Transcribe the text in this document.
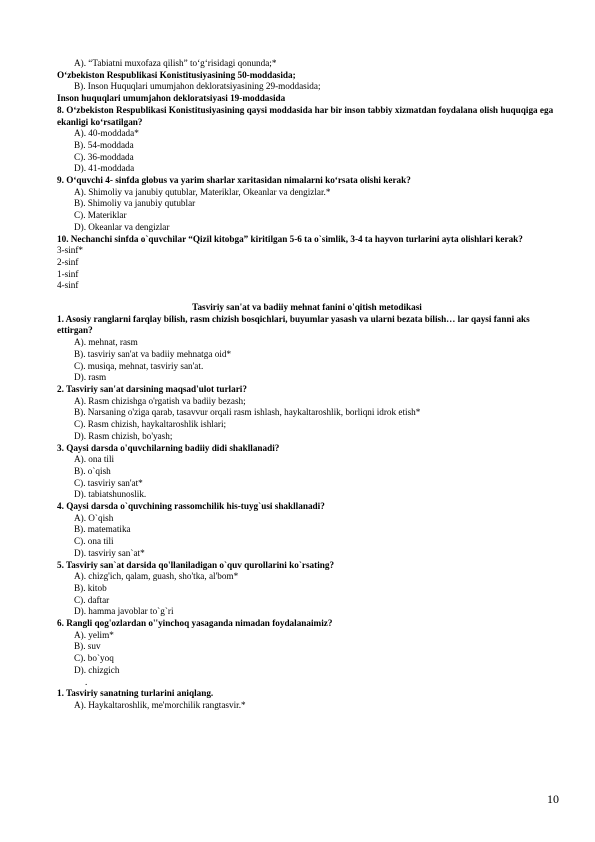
A). “Tabiatni muxofaza qilish” to‘g‘risidagi qonunda;*
O‘zbekiston Respublikasi Konistitusiyasining 50-moddasida;
B). Inson Huquqlari umumjahon dekloratsiyasining 29-moddasida;
Inson huquqlari umumjahon dekloratsiyasi 19-moddasida
8. O‘zbekiston Respublikasi Konistitusiyasining qaysi moddasida har bir inson tabbiy xizmatdan foydalana olish huquqiga ega ekanligi ko‘rsatilgan?
A). 40-moddada*
B). 54-moddada
C). 36-moddada
D). 41-moddada
9. O‘quvchi 4- sinfda globus va yarim sharlar xaritasidan nimalarni ko‘rsata olishi kerak?
A). Shimoliy va janubiy qutublar, Materiklar, Okeanlar va dengizlar.*
B). Shimoliy va janubiy qutublar
C). Materiklar
D). Okeanlar va dengizlar
10. Nechanchi sinfda o`quvchilar “Qizil kitobga” kiritilgan 5-6 ta o`simlik, 3-4 ta hayvon turlarini ayta olishlari kerak?
3-sinf*
2-sinf
1-sinf
4-sinf
Tasviriy san'at va badiiy mehnat fanini o'qitish metodikasi
1. Asosiy ranglarni farqlay bilish, rasm chizish bosqichlari, buyumlar yasash va ularni bezata bilish… lar qaysi fanni aks ettirgan?
A). mehnat, rasm
B). tasviriy san'at va badiiy mehnatga oid*
C). musiqa, mehnat, tasviriy san'at.
D). rasm
2. Tasviriy san'at darsining maqsad'ulot turlari?
A). Rasm chizishga o'rgatish va badiiy bezash;
B). Narsaning o'ziga qarab, tasavvur orqali rasm ishlash, haykaltaroshlik, borliqni idrok etish*
C). Rasm chizish, haykaltaroshlik ishlari;
D). Rasm chizish, bo'yash;
3. Qaysi darsda o'quvchilarning badiiy didi shakllanadi?
A). ona tili
B). o`qish
C). tasviriy san'at*
D). tabiatshunoslik.
4. Qaysi darsda o`quvchining rassomchilik his-tuyg`usi shakllanadi?
A). O`qish
B). matematika
C). ona tili
D). tasviriy san`at*
5. Tasviriy san`at darsida qo'llaniladigan o`quv qurollarini ko`rsating?
A). chizg'ich, qalam, guash, sho'tka, al'bom*
B). kitob
C). daftar
D). hamma javoblar to`g`ri
6. Rangli qog'ozlardan o''yinchoq yasaganda nimadan foydalanaimiz?
A). yelim*
B). suv
C). bo`yoq
D). chizgich
.
1. Tasviriy sanatning turlarini aniqlang.
A). Haykaltaroshlik, me'morchilik rangtasvir.*
10
